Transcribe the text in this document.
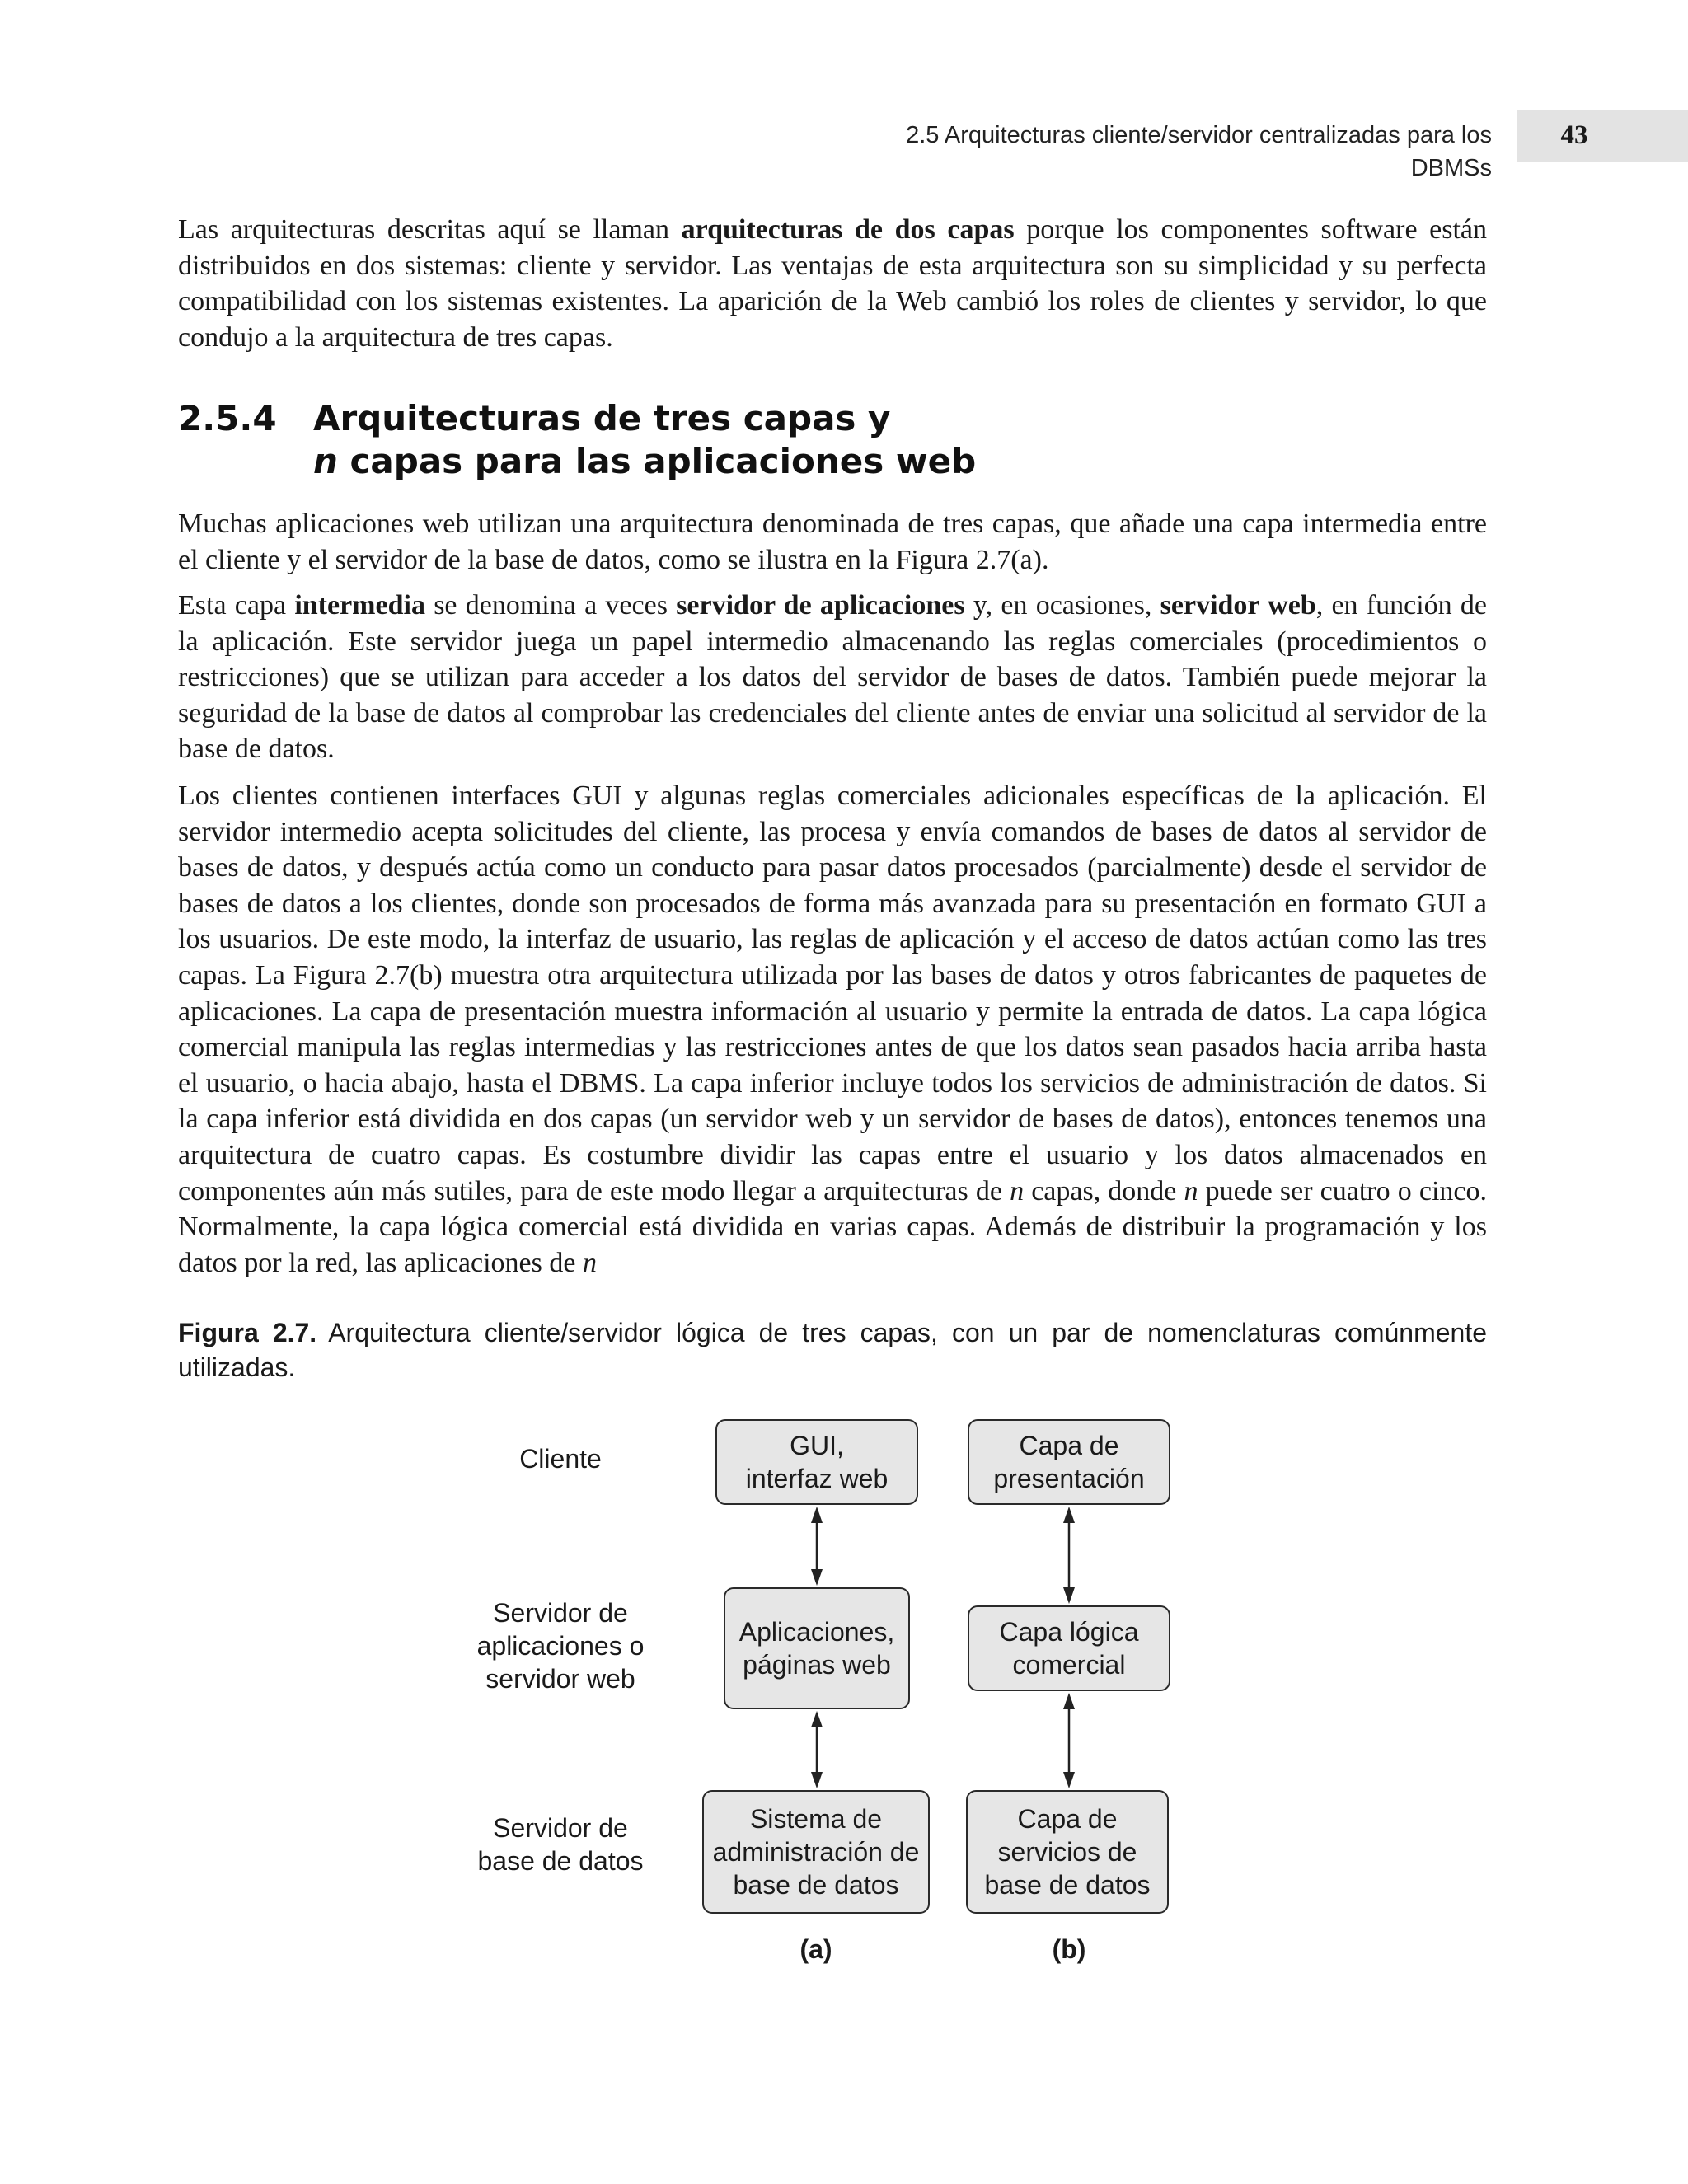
2.5 Arquitecturas cliente/servidor centralizadas para los DBMSs
43

Las arquitecturas descritas aquí se llaman arquitecturas de dos capas porque los componentes software están distribuidos en dos sistemas: cliente y servidor. Las ventajas de esta arquitectura son su simplicidad y su perfecta compatibilidad con los sistemas existentes. La aparición de la Web cambió los roles de clientes y servidor, lo que condujo a la arquitectura de tres capas.

2.5.4 Arquitecturas de tres capas y
n capas para las aplicaciones web

Muchas aplicaciones web utilizan una arquitectura denominada de tres capas, que añade una capa intermedia entre el cliente y el servidor de la base de datos, como se ilustra en la Figura 2.7(a).

Esta capa intermedia se denomina a veces servidor de aplicaciones y, en ocasiones, servidor web, en función de la aplicación. Este servidor juega un papel intermedio almacenando las reglas comerciales (procedimientos o restricciones) que se utilizan para acceder a los datos del servidor de bases de datos. También puede mejorar la seguridad de la base de datos al comprobar las credenciales del cliente antes de enviar una solicitud al servidor de la base de datos.

Los clientes contienen interfaces GUI y algunas reglas comerciales adicionales específicas de la aplicación. El servidor intermedio acepta solicitudes del cliente, las procesa y envía comandos de bases de datos al servidor de bases de datos, y después actúa como un conducto para pasar datos procesados (parcialmente) desde el servidor de bases de datos a los clientes, donde son procesados de forma más avanzada para su presentación en formato GUI a los usuarios. De este modo, la interfaz de usuario, las reglas de aplicación y el acceso de datos actúan como las tres capas. La Figura 2.7(b) muestra otra arquitectura utilizada por las bases de datos y otros fabricantes de paquetes de aplicaciones. La capa de presentación muestra información al usuario y permite la entrada de datos. La capa lógica comercial manipula las reglas intermedias y las restricciones antes de que los datos sean pasados hacia arriba hasta el usuario, o hacia abajo, hasta el DBMS. La capa inferior incluye todos los servicios de administración de datos. Si la capa inferior está dividida en dos capas (un servidor web y un servidor de bases de datos), entonces tenemos una arquitectura de cuatro capas. Es costumbre dividir las capas entre el usuario y los datos almacenados en componentes aún más sutiles, para de este modo llegar a arquitecturas de n capas, donde n puede ser cuatro o cinco. Normalmente, la capa lógica comercial está dividida en varias capas. Además de distribuir la programación y los datos por la red, las aplicaciones de n

Figura 2.7. Arquitectura cliente/servidor lógica de tres capas, con un par de nomenclaturas comúnmente utilizadas.

Cliente
Servidor de
aplicaciones o
servidor web
Servidor de
base de datos
GUI,
interfaz web
Aplicaciones,
páginas web
Sistema de
administración de
base de datos
Capa de
presentación
Capa lógica
comercial
Capa de
servicios de
base de datos
(a)	(b)
